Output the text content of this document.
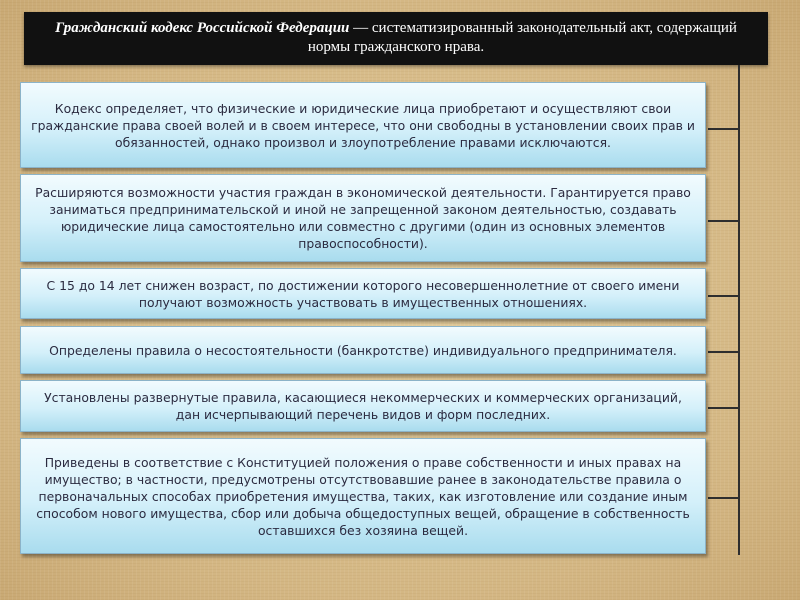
Гражданский кодекс Российской Федерации — систематизированный законодательный акт, содержащий нормы гражданского нрава.
Кодекс определяет, что физические и юридические лица приобретают и осуществляют свои гражданские права своей волей и в своем интересе, что они свободны в установлении своих прав и обязанностей, однако произвол и злоупотребление правами исключаются.
Расширяются возможности участия граждан в экономической деятельности. Гарантируется право заниматься предпринимательской и иной не запрещенной законом деятельностью, создавать юридические лица самостоятельно или совместно с другими (один из основных элементов правоспособности).
С 15 до 14 лет снижен возраст, по достижении которого несовершеннолетние от своего имени получают возможность участвовать в имущественных отношениях.
Определены правила о несостоятельности (банкротстве) индивидуального предпринимателя.
Установлены развернутые правила, касающиеся некоммерческих и коммерческих организаций, дан исчерпывающий перечень видов и форм последних.
Приведены в соответствие с Конституцией положения о праве собственности и иных правах на имущество; в частности, предусмотрены отсутствовавшие ранее в законодательстве правила о первоначальных способах приобретения имущества, таких, как изготовление или создание иным способом нового имущества, сбор или добыча общедоступных вещей, обращение в собственность оставшихся без хозяина вещей.
